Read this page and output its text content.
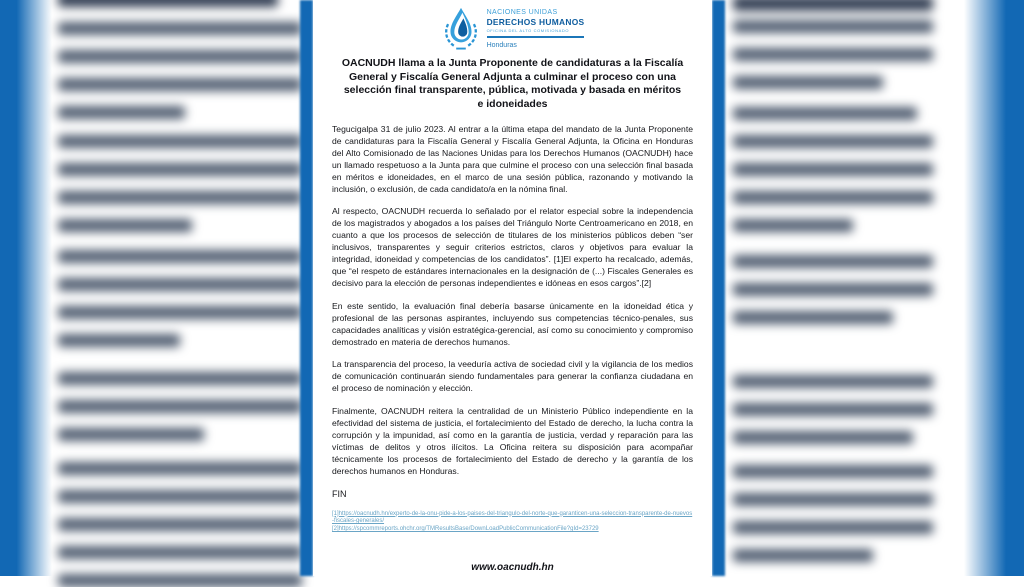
NACIONES UNIDAS
DERECHOS HUMANOS
OFICINA DEL ALTO COMISIONADO
Honduras
OACNUDH llama a la Junta Proponente de candidaturas a la Fiscalía General y Fiscalía General Adjunta a culminar el proceso con una selección final transparente, pública, motivada y basada en méritos e idoneidades

Tegucigalpa 31 de julio 2023. Al entrar a la última etapa del mandato de la Junta Proponente de candidaturas para la Fiscalía General y Fiscalía General Adjunta, la Oficina en Honduras del Alto Comisionado de las Naciones Unidas para los Derechos Humanos (OACNUDH) hace un llamado respetuoso a la Junta para que culmine el proceso con una selección final basada en méritos e idoneidades, en el marco de una sesión pública, razonando y motivando la inclusión, o exclusión, de cada candidato/a en la nómina final.

Al respecto, OACNUDH recuerda lo señalado por el relator especial sobre la independencia de los magistrados y abogados a los países del Triángulo Norte Centroamericano en 2018, en cuanto a que los procesos de selección de titulares de los ministerios públicos deben “ser inclusivos, transparentes y seguir criterios estrictos, claros y objetivos para evaluar la integridad, idoneidad y competencias de los candidatos”. [1]El experto ha recalcado, además, que “el respeto de estándares internacionales en la designación de (...) Fiscales Generales es decisivo para la elección de personas independientes e idóneas en esos cargos”.[2]

En este sentido, la evaluación final debería basarse únicamente en la idoneidad ética y profesional de las personas aspirantes, incluyendo sus competencias técnico-penales, sus capacidades analíticas y visión estratégica-gerencial, así como su conocimiento y compromiso demostrado en materia de derechos humanos.

La transparencia del proceso, la veeduría activa de sociedad civil y la vigilancia de los medios de comunicación continuarán siendo fundamentales para generar la confianza ciudadana en el proceso de nominación y elección.

Finalmente, OACNUDH reitera la centralidad de un Ministerio Público independiente en la efectividad del sistema de justicia, el fortalecimiento del Estado de derecho, la lucha contra la corrupción y la impunidad, así como en la garantía de justicia, verdad y reparación para las víctimas de delitos y otros ilícitos. La Oficina reitera su disposición para acompañar técnicamente los procesos de fortalecimiento del Estado de derecho y la garantía de los derechos humanos en Honduras.

FIN

[1]https://oacnudh.hn/experto-de-la-onu-pide-a-los-paises-del-triangulo-del-norte-que-garanticen-una-seleccion-transparente-de-nuevos-fiscales-generales/
[2]https://spcommreports.ohchr.org/TMResultsBase/DownLoadPublicCommunicationFile?gId=23729
www.oacnudh.hn
